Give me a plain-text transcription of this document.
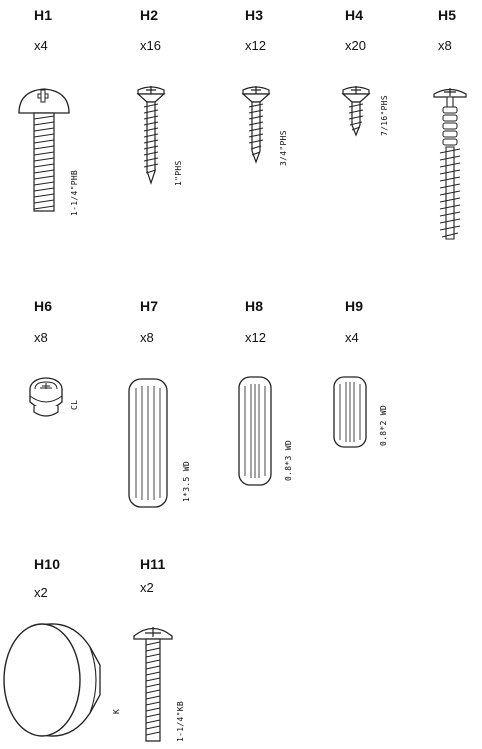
H1
x4
1-1/4"PHB
H2
x16
1"PHS
H3
x12
3/4"PHS
H4
x20
7/16"PHS
H5
x8
H6
x8
CL
H7
x8
1*3.5 WD
H8
x12
0.8*3 WD
H9
x4
0.8*2 WD
H10
x2
K
H11
x2
1-1/4"KB
